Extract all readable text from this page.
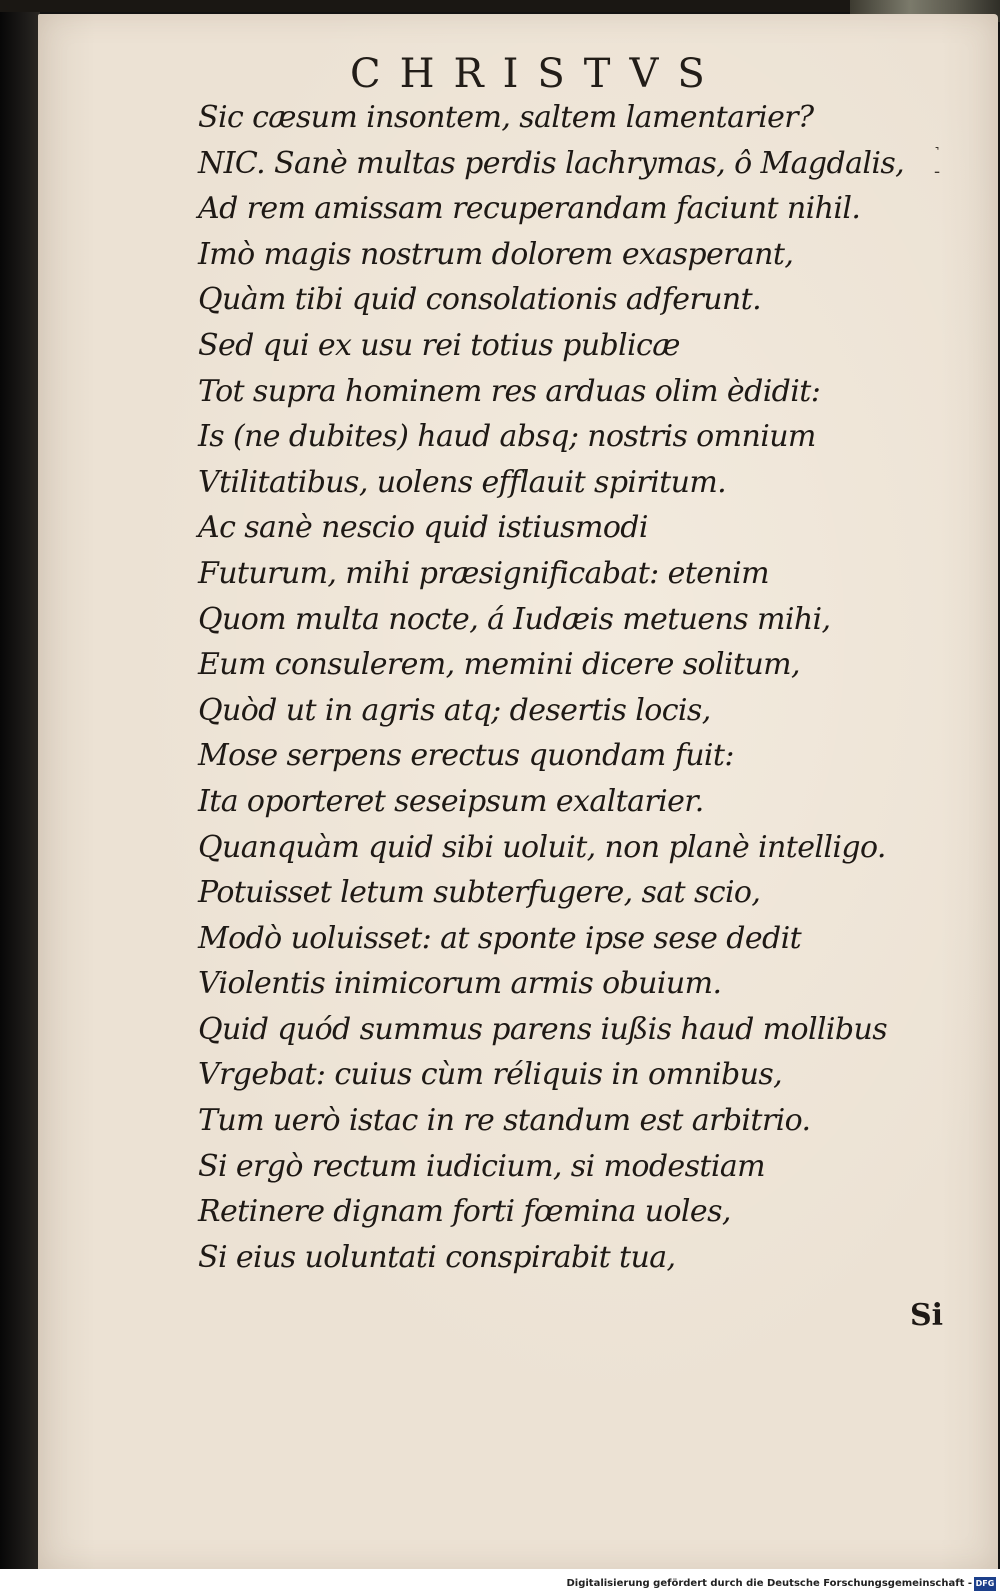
CHRISTVS
˺
-
Sic cæsum insontem, saltem lamentarier?
NIC. Sanè multas perdis lachrymas, ô Magdalis,
Ad rem amissam recuperandam faciunt nihil.
Imò magis nostrum dolorem exasperant,
Quàm tibi quid consolationis adferunt.
Sed qui ex usu rei totius publicæ
Tot supra hominem res arduas olim èdidit:
Is (ne dubites) haud absq; nostris omnium
Vtilitatibus, uolens efflauit spiritum.
Ac sanè nescio quid istiusmodi
Futurum, mihi præsignificabat: etenim
Quom multa nocte, á Iudæis metuens mihi,
Eum consulerem, memini dicere solitum,
Quòd ut in agris atq; desertis locis,
Mose serpens erectus quondam fuit:
Ita oporteret seseipsum exaltarier.
Quanquàm quid sibi uoluit, non planè intelligo.
Potuisset letum subterfugere, sat scio,
Modò uoluisset: at sponte ipse sese dedit
Violentis inimicorum armis obuium.
Quid quód summus parens iußis haud mollibus
Vrgebat: cuius cùm réliquis in omnibus,
Tum uerò istac in re standum est arbitrio.
Si ergò rectum iudicium, si modestiam
Retinere dignam forti fœmina uoles,
Si eius uoluntati conspirabit tua,
Si
Digitalisierung gefördert durch die Deutsche Forschungsgemeinschaft - DFG
